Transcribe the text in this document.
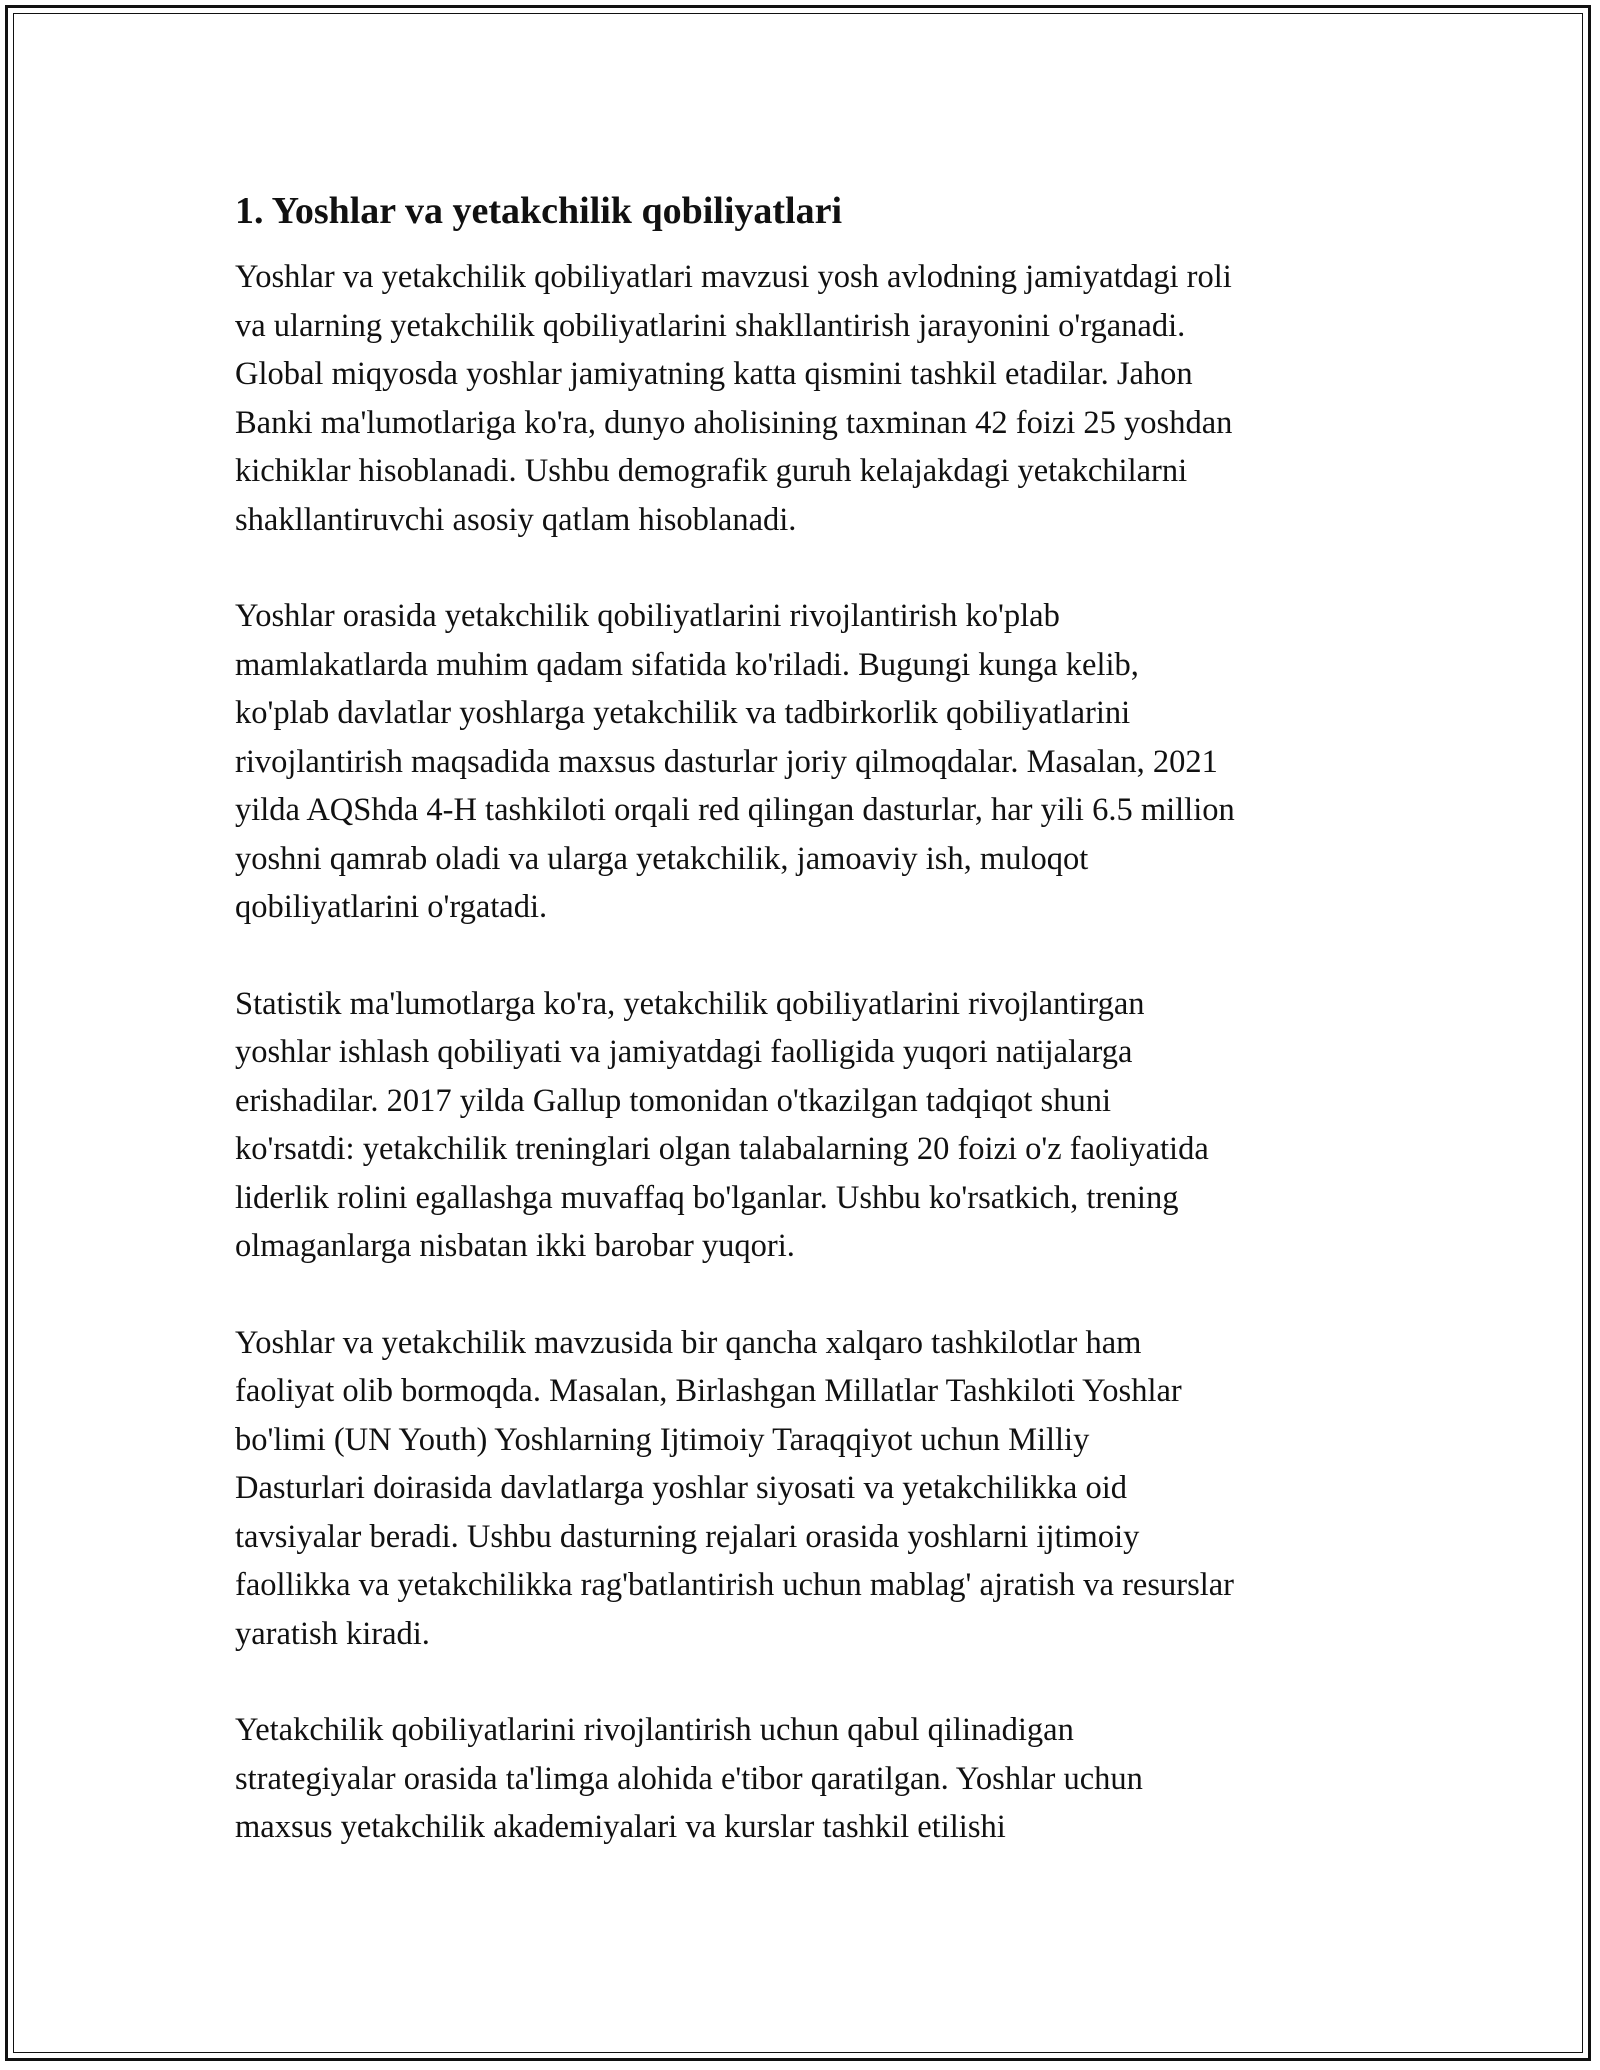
1. Yoshlar va yetakchilik qobiliyatlari
Yoshlar va yetakchilik qobiliyatlari mavzusi yosh avlodning jamiyatdagi roli
va ularning yetakchilik qobiliyatlarini shakllantirish jarayonini o'rganadi.
Global miqyosda yoshlar jamiyatning katta qismini tashkil etadilar. Jahon
Banki ma'lumotlariga ko'ra, dunyo aholisining taxminan 42 foizi 25 yoshdan
kichiklar hisoblanadi. Ushbu demografik guruh kelajakdagi yetakchilarni
shakllantiruvchi asosiy qatlam hisoblanadi.
Yoshlar orasida yetakchilik qobiliyatlarini rivojlantirish ko'plab
mamlakatlarda muhim qadam sifatida ko'riladi. Bugungi kunga kelib,
ko'plab davlatlar yoshlarga yetakchilik va tadbirkorlik qobiliyatlarini
rivojlantirish maqsadida maxsus dasturlar joriy qilmoqdalar. Masalan, 2021
yilda AQShda 4-H tashkiloti orqali red qilingan dasturlar, har yili 6.5 million
yoshni qamrab oladi va ularga yetakchilik, jamoaviy ish, muloqot
qobiliyatlarini o'rgatadi.
Statistik ma'lumotlarga ko'ra, yetakchilik qobiliyatlarini rivojlantirgan
yoshlar ishlash qobiliyati va jamiyatdagi faolligida yuqori natijalarga
erishadilar. 2017 yilda Gallup tomonidan o'tkazilgan tadqiqot shuni
ko'rsatdi: yetakchilik treninglari olgan talabalarning 20 foizi o'z faoliyatida
liderlik rolini egallashga muvaffaq bo'lganlar. Ushbu ko'rsatkich, trening
olmaganlarga nisbatan ikki barobar yuqori.
Yoshlar va yetakchilik mavzusida bir qancha xalqaro tashkilotlar ham
faoliyat olib bormoqda. Masalan, Birlashgan Millatlar Tashkiloti Yoshlar
bo'limi (UN Youth) Yoshlarning Ijtimoiy Taraqqiyot uchun Milliy
Dasturlari doirasida davlatlarga yoshlar siyosati va yetakchilikka oid
tavsiyalar beradi. Ushbu dasturning rejalari orasida yoshlarni ijtimoiy
faollikka va yetakchilikka rag'batlantirish uchun mablag' ajratish va resurslar
yaratish kiradi.
Yetakchilik qobiliyatlarini rivojlantirish uchun qabul qilinadigan
strategiyalar orasida ta'limga alohida e'tibor qaratilgan. Yoshlar uchun
maxsus yetakchilik akademiyalari va kurslar tashkil etilishi
